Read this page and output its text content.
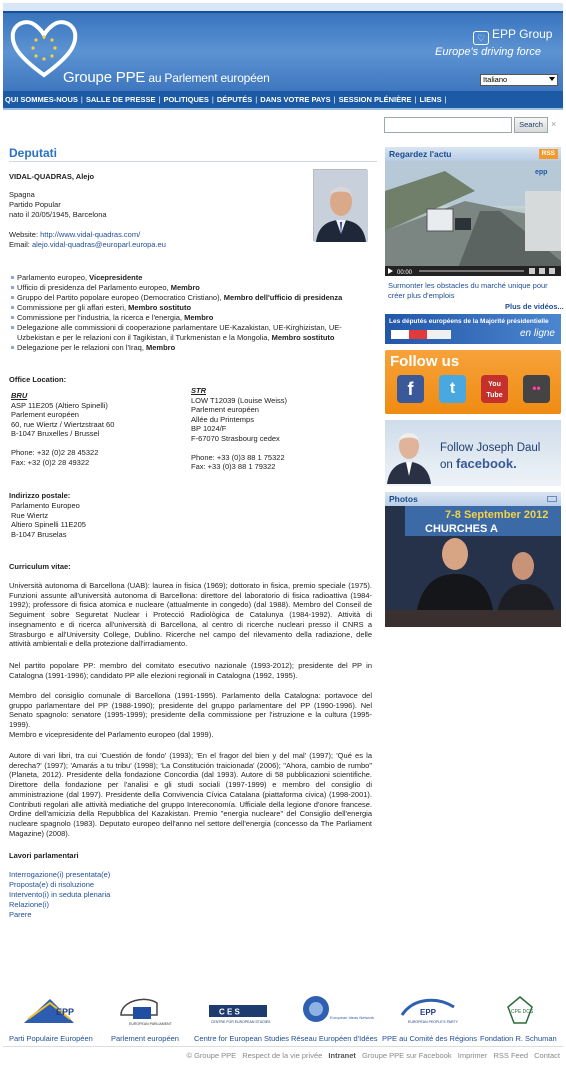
Groupe PPE au Parlement européen
♡ EPP Group
Europe's driving force
Italiano
QUI SOMMES-NOUS | SALLE DE PRESSE | POLITIQUES | DÉPUTÉS | DANS VOTRE PAYS | SESSION PLÉNIÈRE | LIENS |
Search ×
Deputati
VIDAL-QUADRAS, Alejo
Spagna
Partido Popular
nato il 20/05/1945, Barcelona
Website: http://www.vidal-quadras.com/
Email: alejo.vidal-quadras@europarl.europa.eu
Parlamento europeo, Vicepresidente
Ufficio di presidenza del Parlamento europeo, Membro
Gruppo del Partito popolare europeo (Democratico Cristiano), Membro dell'ufficio di presidenza
Commissione per gli affari esteri, Membro sostituto
Commissione per l'industria, la ricerca e l'energia, Membro
Delegazione alle commissioni di cooperazione parlamentare UE-Kazakistan, UE-Kirghizistan, UE-Uzbekistan e per le relazioni con il Tagikistan, il Turkmenistan e la Mongolia, Membro sostituto
Delegazione per le relazioni con l'Iraq, Membro
Office Location:
BRU
ASP 11E205 (Altiero Spinelli)
Parlement européen
60, rue Wiertz / Wiertzstraat 60
B-1047 Bruxelles / Brussel
Phone: +32 (0)2 28 45322
Fax: +32 (0)2 28 49322
STR
LOW T12039 (Louise Weiss)
Parlement européen
Allée du Printemps
BP 1024/F
F-67070 Strasbourg cedex
Phone: +33 (0)3 88 1 75322
Fax: +33 (0)3 88 1 79322
Indirizzo postale:
Parlamento Europeo
Rue Wiertz
Altiero Spinelli 11E205
B-1047 Bruselas
Curriculum vitae:
Università autonoma di Barcellona (UAB): laurea in fisica (1969); dottorato in fisica, premio speciale (1975). Funzioni assunte all'università autonoma di Barcellona: direttore del laboratorio di fisica radioattiva (1984-1992); professore di fisica atomica e nucleare (attualmente in congedo) (dal 1988). Membro del Conseil de Seguiment sobre Seguretat Nuclear i Protecció Radiològica de Catalunya (1984-1992). Attività di insegnamento e di ricerca all'università di Barcellona, al centro di ricerche nucleari presso il CNRS a Strasburgo e all'University College, Dublino. Ricerche nel campo del rilevamento della radiazione, delle attività ambientali e della protezione dall'irradiamento.
Nel partito popolare PP: membro del comitato esecutivo nazionale (1993-2012); presidente del PP in Catalogna (1991-1996); candidato PP alle elezioni regionali in Catalogna (1992, 1995).
Membro del consiglio comunale di Barcellona (1991-1995). Parlamento della Catalogna: portavoce del gruppo parlamentare del PP (1988-1990); presidente del gruppo parlamentare del PP (1990-1996). Nel Senato spagnolo: senatore (1995-1999); presidente della commissione per l'istruzione e la cultura (1995-1999).
Membro e vicepresidente del Parlamento europeo (dal 1999).
Autore di vari libri, tra cui 'Cuestión de fondo' (1993); 'En el fragor del bien y del mal' (1997); 'Qué es la derecha?' (1997); 'Amarás a tu tribu' (1998); 'La Constitución traicionada' (2006); "Ahora, cambio de rumbo" (Planeta, 2012). Presidente della fondazione Concordia (dal 1993). Autore di 58 pubblicazioni scientifiche. Direttore della fondazione per l'analisi e gli studi sociali (1997-1999) e membro del consiglio di amministrazione (dal 1997). Presidente della Convivencia Cívica Catalana (piattaforma civica) (1998-2001). Contributi regolari alle attività mediatiche del gruppo Intereconomía. Ufficiale della legione d'onore francese. Ordine dell'amicizia della Repubblica del Kazakistan. Premio "energia nucleare" del Consiglio dell'energia nucleare spagnolo (1983). Deputato europeo dell'anno nel settore dell'energia (concesso da The Parliament Magazine) (2008).
Lavori parlamentari
Interrogazione(i) presentata(e)
Proposta(e) di risoluzione
Intervento(i) in seduta plenaria
Relazione(i)
Parere
Regardez l'actu	RSS
epp
00:00
Surmonter les obstacles du marché unique pour créer plus d'emplois
Plus de vidéos...
Les députés européens de la Majorité présidentielle
en ligne
Follow us
f	t	You Tube
••
Follow Joseph Daul
on facebook.
Photos
7-8 September 2012
CHURCHES A
EPP
EUROPEAN PARLIAMENT
C E S
CENTRE FOR EUROPEAN STUDIES
European Ideas Network
EPP
EUROPEAN PEOPLE'S PARTY
CPE DCS
Parti Populaire Européen Parlement européen Centre for European Studies Réseau Européen d'Idées PPE au Comité des Régions Fondation R. Schuman
© Groupe PPE Respect de la vie privée Intranet Groupe PPE sur Facebook Imprimer RSS Feed Contact
